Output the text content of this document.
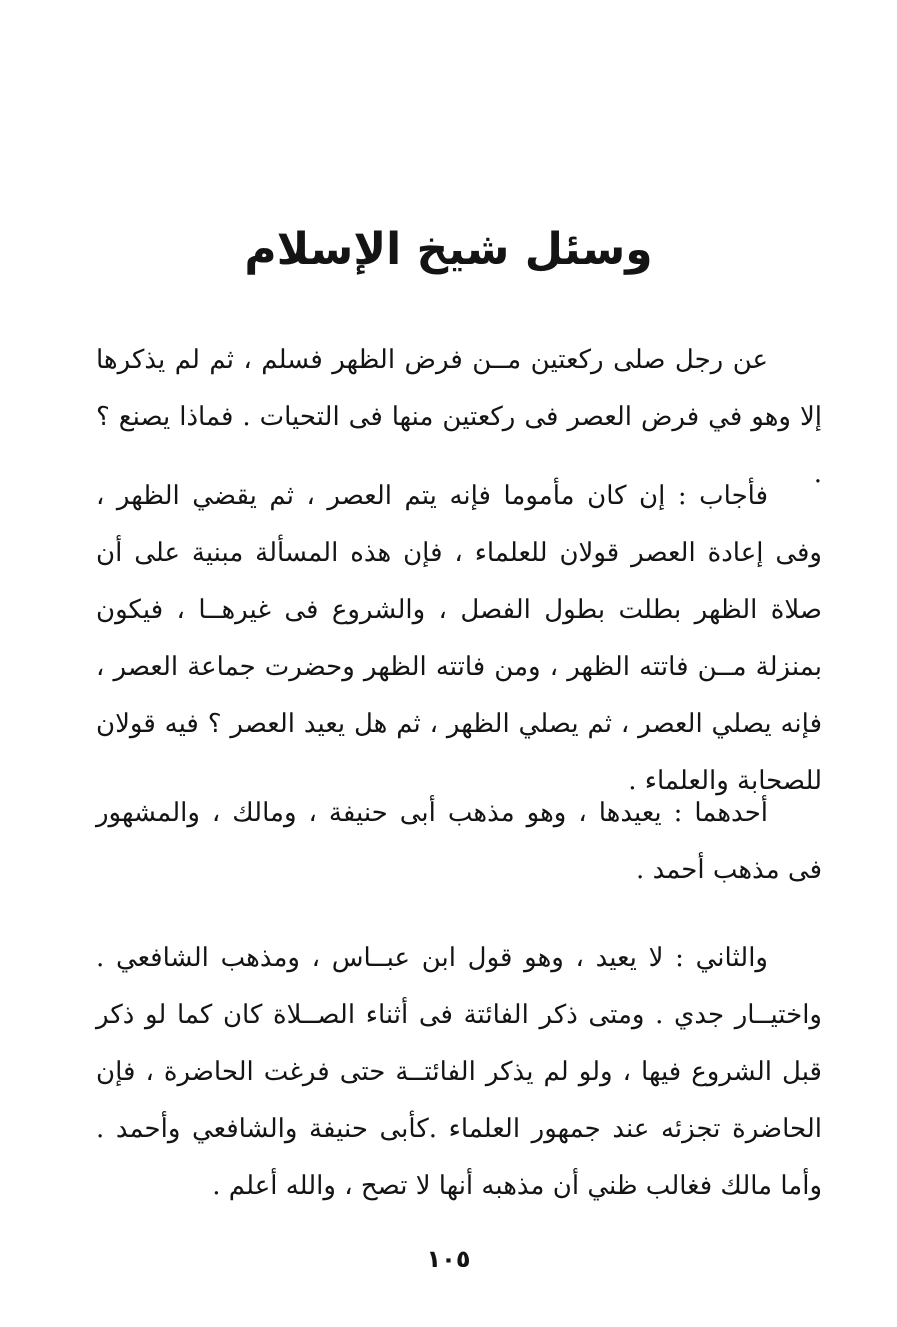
وسئل شيخ الإسلام

عن رجل صلى ركعتين مــن فرض الظهر فسلم ، ثم لم يذكرها إلا وهو في فرض العصر فى ركعتين منها فى التحيات . فماذا يصنع ؟ .

فأجاب : إن كان مأموما فإنه يتم العصر ، ثم يقضي الظهر ، وفى إعادة العصر قولان للعلماء ، فإن هذه المسألة مبنية على أن صلاة الظهر بطلت بطول الفصل ، والشروع فى غيرهــا ، فيكون بمنزلة مــن فاتته الظهر ، ومن فاتته الظهر وحضرت جماعة العصر ، فإنه يصلي العصر ، ثم يصلي الظهر ، ثم هل يعيد العصر ؟ فيه قولان للصحابة والعلماء .

أحدهما : يعيدها ، وهو مذهب أبى حنيفة ، ومالك ، والمشهور فى مذهب أحمد .

والثاني : لا يعيد ، وهو قول ابن عبــاس ، ومذهب الشافعي . واختيــار جدي . ومتى ذكر الفائتة فى أثناء الصــلاة كان كما لو ذكر قبل الشروع فيها ، ولو لم يذكر الفائتــة حتى فرغت الحاضرة ، فإن الحاضرة تجزئه عند جمهور العلماء .كأبى حنيفة والشافعي وأحمد . وأما مالك فغالب ظني أن مذهبه أنها لا تصح ، والله أعلم .

١٠٥
